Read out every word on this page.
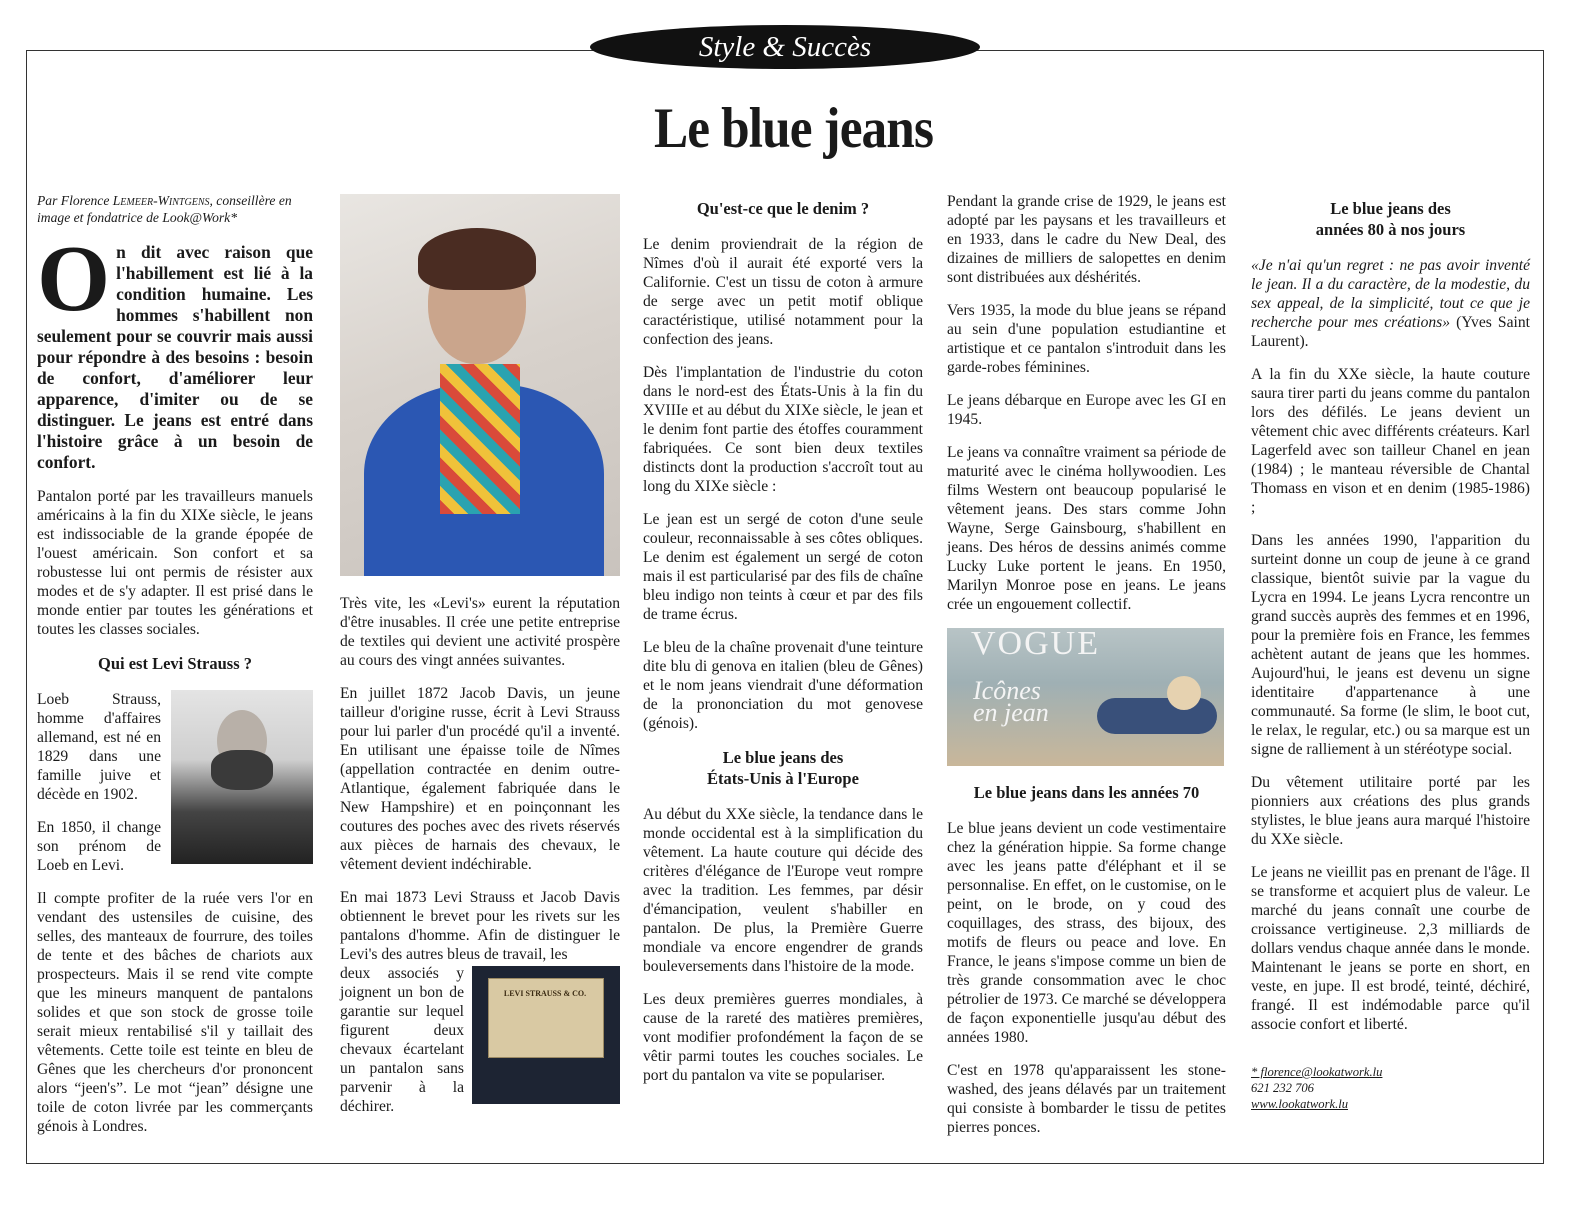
Style & Succès
Le blue jeans
Par Florence Lemeer-Wintgens, conseillère en image et fondatrice de Look@Work*
On dit avec raison que l'habillement est lié à la condition humaine. Les hommes s'habillent non seulement pour se couvrir mais aussi pour répondre à des besoins : besoin de confort, d'améliorer leur apparence, d'imiter ou de se distinguer. Le jeans est entré dans l'histoire grâce à un besoin de confort.

Pantalon porté par les travailleurs manuels américains à la fin du XIXe siècle, le jeans est indissociable de la grande épopée de l'ouest américain. Son confort et sa robustesse lui ont permis de résister aux modes et de s'y adapter. Il est prisé dans le monde entier par toutes les générations et toutes les classes sociales.

Qui est Levi Strauss ?

Loeb Strauss, homme d'affaires allemand, est né en 1829 dans une famille juive et décède en 1902.

En 1850, il change son prénom de Loeb en Levi.

Il compte profiter de la ruée vers l'or en vendant des ustensiles de cuisine, des selles, des manteaux de fourrure, des toiles de tente et des bâches de chariots aux prospecteurs. Mais il se rend vite compte que les mineurs manquent de pantalons solides et que son stock de grosse toile serait mieux rentabilisé s'il y taillait des vêtements. Cette toile est teinte en bleu de Gênes que les chercheurs d'or prononcent alors “jeen's”. Le mot “jean” désigne une toile de coton livrée par les commerçants génois à Londres.

Très vite, les «Levi's» eurent la réputation d'être inusables. Il crée une petite entreprise de textiles qui devient une activité prospère au cours des vingt années suivantes.

En juillet 1872 Jacob Davis, un jeune tailleur d'origine russe, écrit à Levi Strauss pour lui parler d'un procédé qu'il a inventé. En utilisant une épaisse toile de Nîmes (appellation contractée en denim outre-Atlantique, également fabriquée dans le New Hampshire) et en poinçonnant les coutures des poches avec des rivets réservés aux pièces de harnais des chevaux, le vêtement devient indéchirable.

En mai 1873 Levi Strauss et Jacob Davis obtiennent le brevet pour les rivets sur les pantalons d'homme. Afin de distinguer le Levi's des autres bleus de travail, les

LEVI STRAUSS & CO.

deux associés y joignent un bon de garantie sur lequel figurent deux chevaux écartelant un pantalon sans parvenir à la déchirer.

Qu'est-ce que le denim ?

Le denim proviendrait de la région de Nîmes d'où il aurait été exporté vers la Californie. C'est un tissu de coton à armure de serge avec un petit motif oblique caractéristique, utilisé notamment pour la confection des jeans.

Dès l'implantation de l'industrie du coton dans le nord-est des États-Unis à la fin du XVIIIe et au début du XIXe siècle, le jean et le denim font partie des étoffes couramment fabriquées. Ce sont bien deux textiles distincts dont la production s'accroît tout au long du XIXe siècle :

Le jean est un sergé de coton d'une seule couleur, reconnaissable à ses côtes obliques. Le denim est également un sergé de coton mais il est particularisé par des fils de chaîne bleu indigo non teints à cœur et par des fils de trame écrus.

Le bleu de la chaîne provenait d'une teinture dite blu di genova en italien (bleu de Gênes) et le nom jeans viendrait d'une déformation de la prononciation du mot genovese (génois).

Le blue jeans des
États-Unis à l'Europe

Au début du XXe siècle, la tendance dans le monde occidental est à la simplification du vêtement. La haute couture qui décide des critères d'élégance de l'Europe veut rompre avec la tradition. Les femmes, par désir d'émancipation, veulent s'habiller en pantalon. De plus, la Première Guerre mondiale va encore engendrer de grands bouleversements dans l'histoire de la mode.

Les deux premières guerres mondiales, à cause de la rareté des matières premières, vont modifier profondément la façon de se vêtir parmi toutes les couches sociales. Le port du pantalon va vite se populariser.

Pendant la grande crise de 1929, le jeans est adopté par les paysans et les travailleurs et en 1933, dans le cadre du New Deal, des dizaines de milliers de salopettes en denim sont distribuées aux déshérités.

Vers 1935, la mode du blue jeans se répand au sein d'une population estudiantine et artistique et ce pantalon s'introduit dans les garde-robes féminines.

Le jeans débarque en Europe avec les GI en 1945.

Le jeans va connaître vraiment sa période de maturité avec le cinéma hollywoodien. Les films Western ont beaucoup popularisé le vêtement jeans. Des stars comme John Wayne, Serge Gainsbourg, s'habillent en jeans. Des héros de dessins animés comme Lucky Luke portent le jeans. En 1950, Marilyn Monroe pose en jeans. Le jeans crée un engouement collectif.

VOGUE
Icônes
en jean
Le blue jeans dans les années 70

Le blue jeans devient un code vestimentaire chez la génération hippie. Sa forme change avec les jeans patte d'éléphant et il se personnalise. En effet, on le customise, on le peint, on le brode, on y coud des coquillages, des strass, des bijoux, des motifs de fleurs ou peace and love. En France, le jeans s'impose comme un bien de très grande consommation avec le choc pétrolier de 1973. Ce marché se développera de façon exponentielle jusqu'au début des années 1980.

C'est en 1978 qu'apparaissent les stone-washed, des jeans délavés par un traitement qui consiste à bombarder le tissu de petites pierres ponces.

Le blue jeans des
années 80 à nos jours

«Je n'ai qu'un regret : ne pas avoir inventé le jean. Il a du caractère, de la modestie, du sex appeal, de la simplicité, tout ce que je recherche pour mes créations» (Yves Saint Laurent).

A la fin du XXe siècle, la haute couture saura tirer parti du jeans comme du pantalon lors des défilés. Le jeans devient un vêtement chic avec différents créateurs. Karl Lagerfeld avec son tailleur Chanel en jean (1984) ; le manteau réversible de Chantal Thomass en vison et en denim (1985-1986) ;

Dans les années 1990, l'apparition du surteint donne un coup de jeune à ce grand classique, bientôt suivie par la vague du Lycra en 1994. Le jeans Lycra rencontre un grand succès auprès des femmes et en 1996, pour la première fois en France, les femmes achètent autant de jeans que les hommes. Aujourd'hui, le jeans est devenu un signe identitaire d'appartenance à une communauté. Sa forme (le slim, le boot cut, le relax, le regular, etc.) ou sa marque est un signe de ralliement à un stéréotype social.

Du vêtement utilitaire porté par les pionniers aux créations des plus grands stylistes, le blue jeans aura marqué l'histoire du XXe siècle.

Le jeans ne vieillit pas en prenant de l'âge. Il se transforme et acquiert plus de valeur. Le marché du jeans connaît une courbe de croissance vertigineuse. 2,3 milliards de dollars vendus chaque année dans le monde. Maintenant le jeans se porte en short, en veste, en jupe. Il est brodé, teinté, déchiré, frangé. Il est indémodable parce qu'il associe confort et liberté.

* florence@lookatwork.lu
621 232 706
www.lookatwork.lu
